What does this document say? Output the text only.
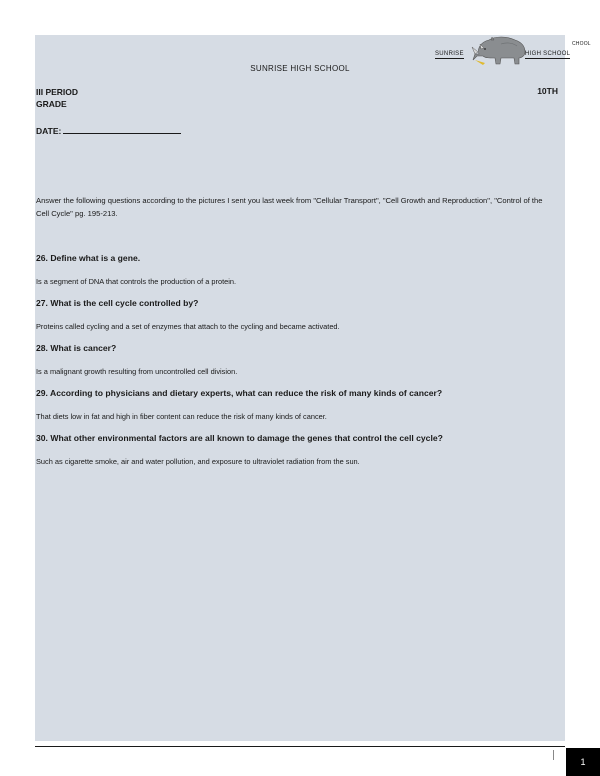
SUNRISE	HIGH SCHOOL
CHOOL
SUNRISE HIGH SCHOOL
III PERIOD
GRADE
10TH
DATE:
Answer the following questions according to the pictures I sent you last week from "Cellular Transport", "Cell Growth and Reproduction", "Control of the Cell Cycle" pg. 195-213.
26. Define what is a gene.
Is a segment of DNA that controls the production of a protein.
27. What is the cell cycle controlled by?
Proteins called cycling and a set of enzymes that attach to the cycling and became activated.
28. What is cancer?
Is a malignant growth resulting from uncontrolled cell division.
29. According to physicians and dietary experts, what can reduce the risk of many kinds of cancer?
That diets low in fat and high in fiber content can reduce the risk of many kinds of cancer.
30. What other environmental factors are all known to damage the genes that control the cell cycle?
Such as cigarette smoke, air and water pollution, and exposure to ultraviolet radiation from the sun.
1
